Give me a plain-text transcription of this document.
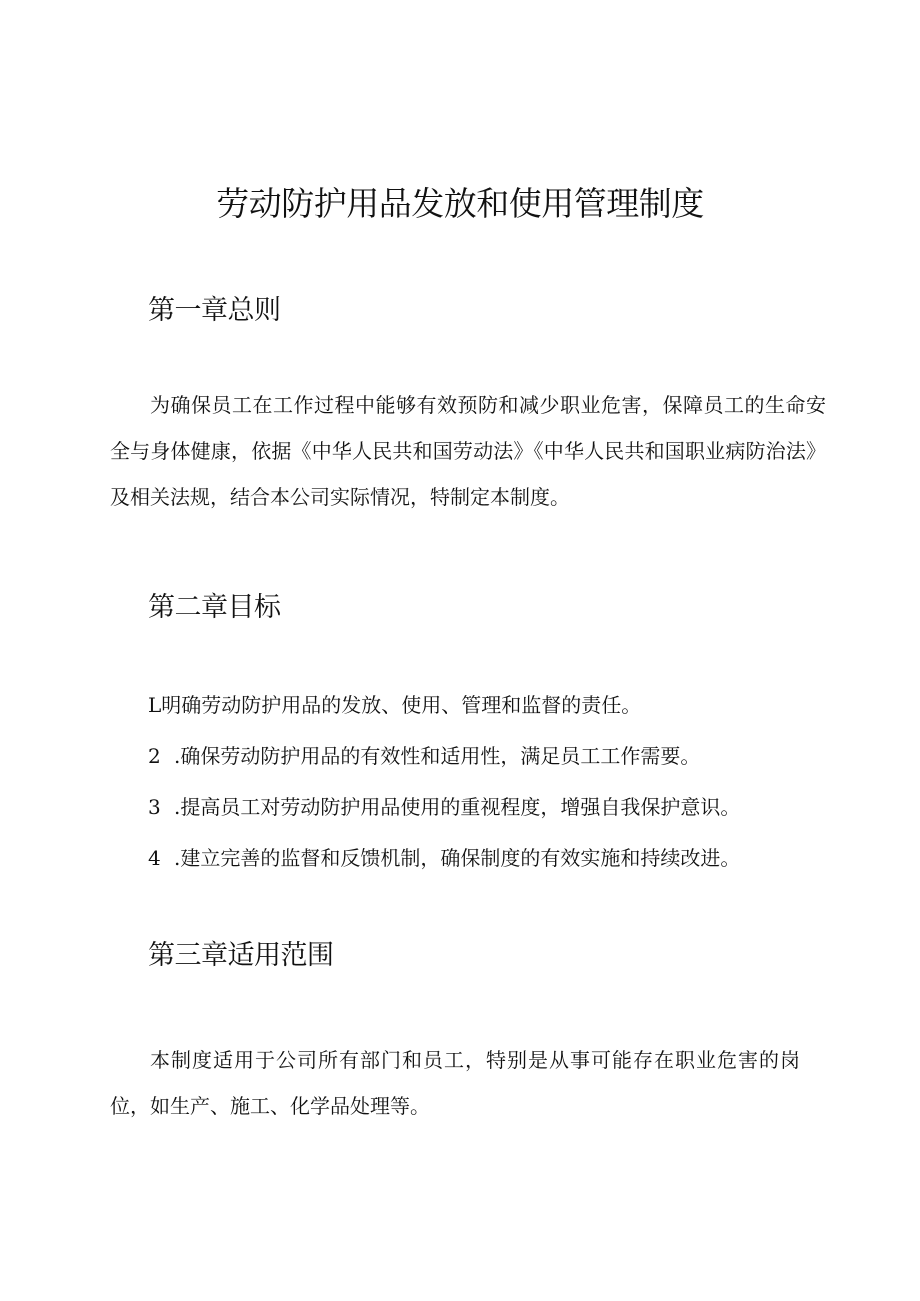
劳动防护用品发放和使用管理制度
第一章总则

为确保员工在工作过程中能够有效预防和减少职业危害，保障员工的生命安全与身体健康，依据《中华人民共和国劳动法》《中华人民共和国职业病防治法》及相关法规，结合本公司实际情况，特制定本制度。

第二章目标
L明确劳动防护用品的发放、使用、管理和监督的责任。
2 .确保劳动防护用品的有效性和适用性，满足员工工作需要。
3 .提高员工对劳动防护用品使用的重视程度，增强自我保护意识。
4 .建立完善的监督和反馈机制，确保制度的有效实施和持续改进。
第三章适用范围

本制度适用于公司所有部门和员工，特别是从事可能存在职业危害的岗位，如生产、施工、化学品处理等。
